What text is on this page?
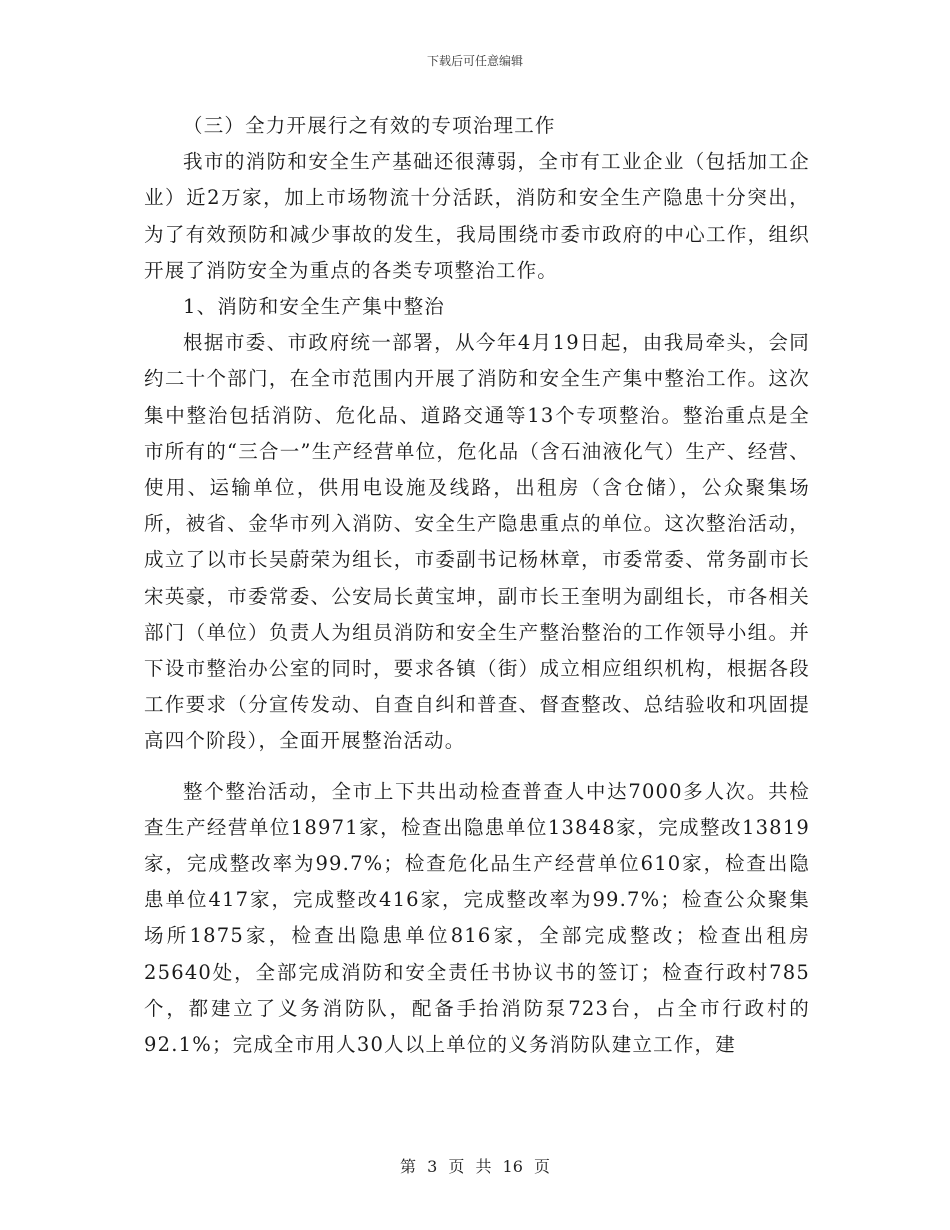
下载后可任意编辑

（三）全力开展行之有效的专项治理工作

我市的消防和安全生产基础还很薄弱，全市有工业企业（包括加工企业）近2万家，加上市场物流十分活跃，消防和安全生产隐患十分突出，为了有效预防和减少事故的发生，我局围绕市委市政府的中心工作，组织开展了消防安全为重点的各类专项整治工作。

1、消防和安全生产集中整治

根据市委、市政府统一部署，从今年4月19日起，由我局牵头，会同约二十个部门，在全市范围内开展了消防和安全生产集中整治工作。这次集中整治包括消防、危化品、道路交通等13个专项整治。整治重点是全市所有的“三合一”生产经营单位，危化品（含石油液化气）生产、经营、使用、运输单位，供用电设施及线路，出租房（含仓储），公众聚集场所，被省、金华市列入消防、安全生产隐患重点的单位。这次整治活动，成立了以市长吴蔚荣为组长，市委副书记杨林章，市委常委、常务副市长宋英豪，市委常委、公安局长黄宝坤，副市长王奎明为副组长，市各相关部门（单位）负责人为组员消防和安全生产整治整治的工作领导小组。并下设市整治办公室的同时，要求各镇（街）成立相应组织机构，根据各段工作要求（分宣传发动、自查自纠和普查、督查整改、总结验收和巩固提高四个阶段），全面开展整治活动。

整个整治活动，全市上下共出动检查普查人中达7000多人次。共检查生产经营单位18971家，检查出隐患单位13848家，完成整改13819家，完成整改率为99.7%；检查危化品生产经营单位610家，检查出隐患单位417家，完成整改416家，完成整改率为99.7%；检查公众聚集场所1875家，检查出隐患单位816家，全部完成整改；检查出租房25640处，全部完成消防和安全责任书协议书的签订；检查行政村785个，都建立了义务消防队，配备手抬消防泵723台，占全市行政村的92.1%；完成全市用人30人以上单位的义务消防队建立工作，建

第 3 页 共 16 页
